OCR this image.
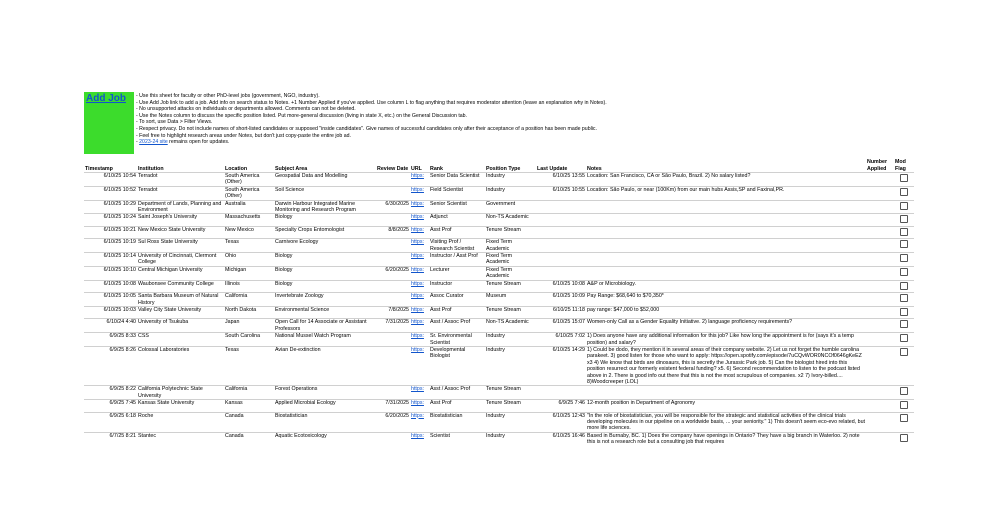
Add Job	- Use this sheet for faculty or other PhD-level jobs (government, NGO, industry).
- Use Add Job link to add a job. Add info on search status to Notes. +1 Number Applied if you've applied. Use column L to flag anything that requires moderator attention (leave an explanation why in Notes).
- No unsupported attacks on individuals or departments allowed. Comments can not be deleted.
- Use the Notes column to discuss the specific position listed. Put more-general discussion (living in state X, etc.) on the General Discussion tab.
- To sort, use Data > Filter Views.
- Respect privacy. Do not include names of short-listed candidates or supposed "inside candidates". Give names of successful candidates only after their acceptance of a position has been made public.
- Feel free to highlight research areas under Notes, but don't just copy-paste the entire job ad.
- 2023-24 site remains open for updates.
Timestamp	Institution	Location	Subject Area	Review Date	URL	Rank	Position Type	Last Update	Notes	Number Applied	Mod Flag
6/10/25 10:54	Terradot	South America (Other)	Geospatial Data and Modelling		https:	Senior Data Scientist	Industry	6/10/25 13:55	Location: San Francisco, CA or São Paulo, Brazil. 2) No salary listed?		
6/10/25 10:52	Terradot	South America (Other)	Soil Science		https:	Field Scientist	Industry	6/10/25 10:55	Location: São Paulo, or near (100Km) from our main hubs Assis,SP and Faxinal,PR.		
6/10/25 10:29	Department of Lands, Planning and Environment	Australia	Darwin Harbour Integrated Marine Monitoring and Research Program	6/30/2025	https:	Senior Scientist	Government				
6/10/25 10:24	Saint Joseph's University	Massachusetts	Biology		https:	Adjunct	Non-TS Academic				
6/10/25 10:21	New Mexico State University	New Mexico	Specialty Crops Entomologist	8/8/2025	https:	Asst Prof	Tenure Stream				
6/10/25 10:19	Sul Ross State University	Texas	Carnivore Ecology		https:	Visiting Prof / Research Scientist	Fixed Term Academic				
6/10/25 10:14	University of Cincinnati, Clermont College	Ohio	Biology		https:	Instructor / Asst Prof	Fixed Term Academic				
6/10/25 10:10	Central Michigan University	Michigan	Biology	6/20/2025	https:	Lecturer	Fixed Term Academic				
6/10/25 10:08	Waubonsee Community College	Illinois	Biology		https:	Instructor	Tenure Stream	6/10/25 10:08	A&P or Microbiology.		
6/10/25 10:05	Santa Barbara Museum of Natural History	California	Invertebrate Zoology		https:	Assoc Curator	Museum	6/10/25 10:09	Pay Range: $68,640 to $70,350*		
6/10/25 10:03	Valley City State University	North Dakota	Environmental Science	7/8/2025	https:	Asst Prof	Tenure Stream	6/10/25 11:18	pay range: $47,000 to $52,000		
6/10/24 4:40	University of Tsukuba	Japan	Open Call for 14 Associate or Assistant Professors	7/31/2025	https:	Asst / Assoc Prof	Non-TS Academic	6/10/25 15:07	Women-only Call as a Gender Equality Initiative. 2) language proficiency requirements?		
6/9/25 8:33	CSS	South Carolina	National Mussel Watch Program		https:	Sr. Environmental Scientist	Industry	6/10/25 7:02	1) Does anyone have any additional information for this job? Like how long the appointment is for (says it's a temp position) and salary?		
6/9/25 8:26	Colossal Laboratories	Texas	Avian De-extinction		https:	Developmental Biologist	Industry	6/10/25 14:29	1) Could be dodo, they mention it in several areas of their company website. 2) Let us not forget the humble carolina parakeet. 3) good listen for those who want to apply: https://open.spotify.com/episode/7uCQvWOR0NCOf0646gKeEZ x3 4) We know that birds are dinosaurs, this is secretly the Jurassic Park job. 5) Can the biologist hired into this position resurrect our formerly existent federal funding? x5. 6) Second recommendation to listen to the podcast listed above in 2. There is good info out there that this is not the most scrupulous of companies. x2 7) Ivory-billed.... 8)Woodcreeper (LOL)		
6/9/25 8:22	California Polytechnic State University	California	Forest Operations		https:	Asst / Assoc Prof	Tenure Stream				
6/9/25 7:45	Kansas State University	Kansas	Applied Microbial Ecology	7/31/2025	https:	Asst Prof	Tenure Stream	6/9/25 7:46	12-month position in Department of Agronomy		
6/9/25 6:18	Roche	Canada	Biostatistician	6/20/2025	https:	Biostatistician	Industry	6/10/25 12:43	"In the role of biostatistician, you will be responsible for the strategic and statistical activities of the clinical trials developing molecules in our pipeline on a worldwide basis, ... your seniority." 1) This doesn't seem eco-evo related, but more life sciences.		
6/7/25 8:21	Stantec	Canada	Aquatic Ecotoxicology		https:	Scientist	Industry	6/10/25 16:46	Based in Burnaby, BC. 1) Does the company have openings in Ontario? They have a big branch in Waterloo. 2) note this is not a research role but a consulting job that requires		
